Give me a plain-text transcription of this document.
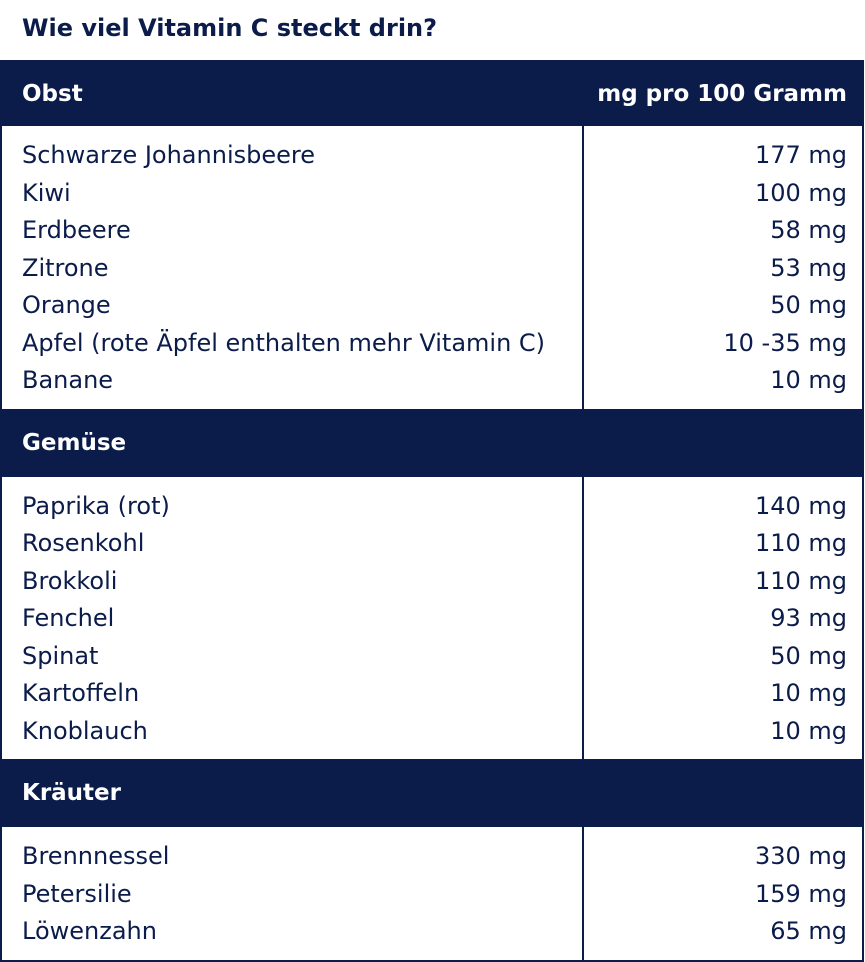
Wie viel Vitamin C steckt drin?
Obst	mg pro 100 Gramm
Schwarze Johannisbeere
Kiwi
Erdbeere
Zitrone
Orange
Apfel (rote Äpfel enthalten mehr Vitamin C)
Banane
177 mg
100 mg
58 mg
53 mg
50 mg
10 -35 mg
10 mg
Gemüse
Paprika (rot)
Rosenkohl
Brokkoli
Fenchel
Spinat
Kartoffeln
Knoblauch
140 mg
110 mg
110 mg
93 mg
50 mg
10 mg
10 mg
Kräuter
Brennnessel
Petersilie
Löwenzahn
330 mg
159 mg
65 mg
